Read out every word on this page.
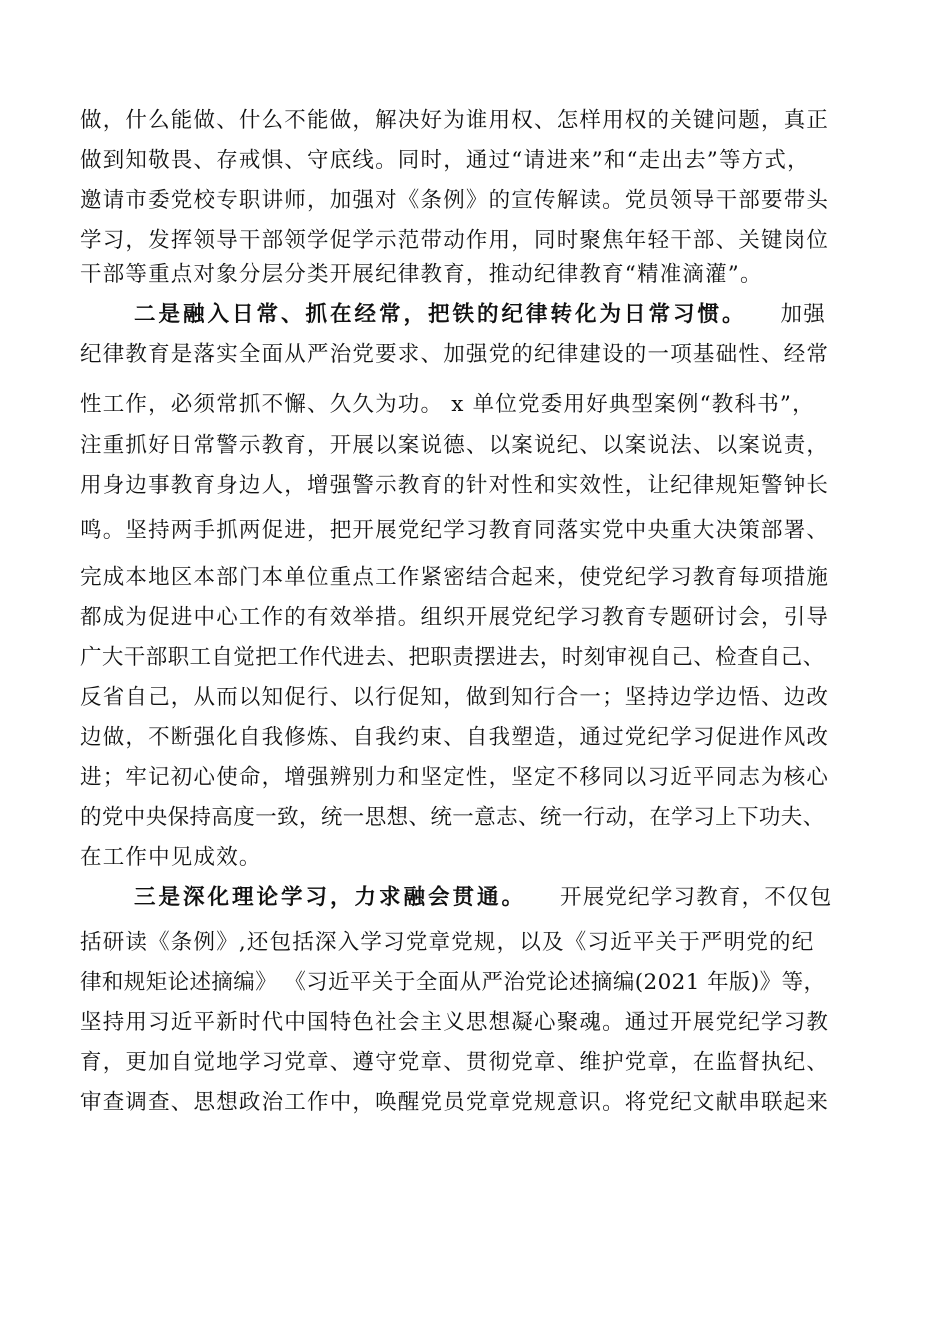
做，什么能做、什么不能做，解决好为谁用权、怎样用权的关键问题，真正
做到知敬畏、存戒惧、守底线。同时，通过“请进来”和“走出去”等方式，
邀请市委党校专职讲师，加强对《条例》的宣传解读。党员领导干部要带头
学习，发挥领导干部领学促学示范带动作用，同时聚焦年轻干部、关键岗位
干部等重点对象分层分类开展纪律教育，推动纪律教育“精准滴灌”。
二是融入日常、抓在经常，把铁的纪律转化为日常习惯。 加强
纪律教育是落实全面从严治党要求、加强党的纪律建设的一项基础性、经常
性工作，必须常抓不懈、久久为功。 x 单位党委用好典型案例“教科书”，
注重抓好日常警示教育，开展以案说德、以案说纪、以案说法、以案说责，
用身边事教育身边人，增强警示教育的针对性和实效性，让纪律规矩警钟长
鸣。坚持两手抓两促进，把开展党纪学习教育同落实党中央重大决策部署、
完成本地区本部门本单位重点工作紧密结合起来，使党纪学习教育每项措施
都成为促进中心工作的有效举措。组织开展党纪学习教育专题研讨会，引导
广大干部职工自觉把工作代进去、把职责摆进去，时刻审视自己、检查自己、
反省自己，从而以知促行、以行促知，做到知行合一；坚持边学边悟、边改
边做，不断强化自我修炼、自我约束、自我塑造，通过党纪学习促进作风改
进；牢记初心使命，增强辨别力和坚定性，坚定不移同以习近平同志为核心
的党中央保持高度一致，统一思想、统一意志、统一行动，在学习上下功夫、
在工作中见成效。
三是深化理论学习，力求融会贯通。 开展党纪学习教育，不仅包
括研读《条例》,还包括深入学习党章党规，以及《习近平关于严明党的纪
律和规矩论述摘编》 《习近平关于全面从严治党论述摘编(2021 年版)》等，
坚持用习近平新时代中国特色社会主义思想凝心聚魂。通过开展党纪学习教
育，更加自觉地学习党章、遵守党章、贯彻党章、维护党章，在监督执纪、
审查调查、思想政治工作中，唤醒党员党章党规意识。将党纪文献串联起来
